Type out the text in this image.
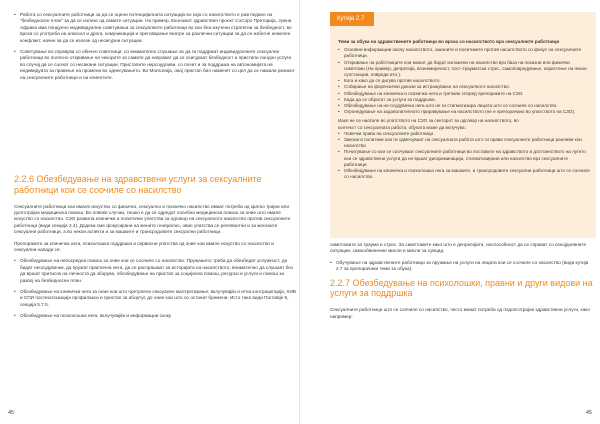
• Работа со сексуалните работници за да се оцени потенцијалната ситуација во која со насилството е разгледано на "безбеднoсен план" за да се излезе од самите ситуации. На пример, Економот здравствен проект СоСоро Преторија, Јужна Африка има пондуено индивидуални советувања за сексуалните работници во кои беа изучени стратегии за безбедност, во врска со употреба на алкохол и дрога, комуникација и преговарање внатре за различни ситуации за да се избегне нежелен конфликт, начин за да се излезе од несигурни ситуации.
• Советување во справува со обичен советници, со внимателно слушање за да ги поддржат индивидуалните сексуални работници во полесно откривање на чекорите за самите да направат да се осигураат безбедност и пристапи лондон услуги во случај да се соочат со несакани ситуации. Пристапите нерсоудливи, со почит и за поддршка на автономијата на индивидуата за правење на промени во однесувањето. Во Монголија, овој пристап бил наменет со цел да се намали ризикот на сексуалните работници и на клиентите.
2.2.6 Обезбедување на здравствени услуги за сексуалните работници кои се соочиле со насилство

Сексуалните работници кои имале искуство со физичко, сексуално и психичко насилство имаат потреба од кратко трајни или долготрајна медицинска помош. Во повеќе случаи, тешко е да се одредат посебна медицинска помош за оние што имале искуство со насилство. СЗО развила клинички и политички упатства за одговор на сексуалното насилство против сексуалните работници (види секција 2.4). Додека сме фокусирани на жените генерално, овие упатства се релевантни и за женските сексуални работници, а во некои аспекти и за машките и трансродовите сексуални работници.

Препораките за клиничка нега, психолошка поддршка и сервисни упатства од оние кои имале искуство со насилство и сексуални напади се:

• Обезбедување на непосредна помош за оние кои се соочиле со насилство. Пружањето треба да обезбедат услужност, да бидат неосудувачки, да пружат практична нега, да се распрашаат за историјата на насилството, внимателно да слушаат без да вршат притисок на личноста да зборува, обезбедување на пристап за социјална помош, ресурси и услуги и помош за развој на безбедносен план.
• Обезбедување на клиничка нега за оние кои што претрпеле сексуален мaлтретирање, вклучувајќи и итна контрацепција, ХИВ и СПИ постекспозиција профилакса и пристап за абортус до оние кои што се останат бремени. Исто така види Поглавје 5, секција 5.7.5.
• Обезбедување на психолошка нега, вклучувајќи и информации скоку
45
Кутија 2.7
Теми за обука на здравствените работници во врска со насилството врз сексуалните работници
• Основни информации околу насилството, законите и политиките против насилството со фокус на сексуалните работници.
• Откривање на работниците кои можат да бидат изложени на насилство врз база на показни или физички симптоми (На пример, депресија, вознемиреност, пост-трауматски стрес, самоповредување, користење на некои супстанции, повреди итн.).
• Кога и како да се дигува против насилството.
• Собирање на форензички докази за истражување на сексуалното насилство.
• Обезбедување на клиничка и психичка нега и третман според препораките на СЗО.
• Када да се обратат за услуги за поддршка.
• Обезбедување на не-осудувачка нега што не ги стигматизира лицата што се соочиле со насилство.
• Огронедување на задоволителното приравување на насилството (не е препорачано во упатството на СЗО).

Иако не се наоѓале во упатството на СЗО за секторот за одговор на насилството, во

контекст со сексуалната работа, обуката може да вклучува:
• Човечки права на сексуалните работници
• Закони и политики кои ги одмесуваат на сексуалната работа што ги прави сексуалните работници ранливи кон насилство
• Почитување со кои се соочуваат сексуалните работници во поставите на здравството и достоинството на луѓето кои се здравствени услуги да не вршат дискриминација, стигматизирани или насилство врз сексуалните работници
• Обезбедување на клиничка и психолошка нега за машките, и трансродовите сексуални работници што се соочиле со насилство.

симптомите за траума и стрес. За симптомите како што е депресијата, неспособност да се справат со секојдневните ситуации, самообвинение мисли и мисли за суицид.

• Обучување на здравствените работници за пружање на услуги на лицата кои се соочиле со насилство (види кутија 2.7 за препорачани теми за обука).
2.2.7 Обезбедување на психолошки, правни и други видови на услуги за поддршка

Сексуалните работници што се соочиле со насилство, често имаат потреба од подолготрајни здравствени услуги, како например:

45
